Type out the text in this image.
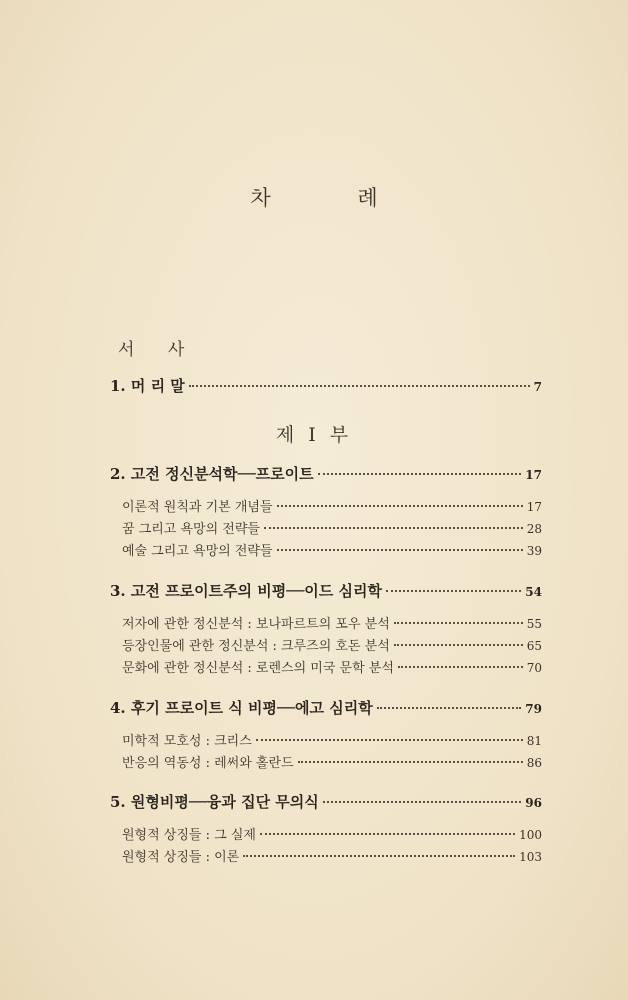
차 례
서 사
1. 머 리 말	7
제 I 부
2. 고전 정신분석학──프로이트	17
이론적 원칙과 기본 개념들	17
꿈 그리고 욕망의 전략들	28
예술 그리고 욕망의 전략들	39
3. 고전 프로이트주의 비평──이드 심리학	54
저자에 관한 정신분석 : 보나파르트의 포우 분석	55
등장인물에 관한 정신분석 : 크루즈의 호돈 분석	65
문화에 관한 정신분석 : 로렌스의 미국 문학 분석	70
4. 후기 프로이트 식 비평──에고 심리학	79
미학적 모호성 : 크리스	81
반응의 역동성 : 레써와 홀란드	86
5. 원형비평──융과 집단 무의식	96
원형적 상징들 : 그 실제	100
원형적 상징들 : 이론	103
